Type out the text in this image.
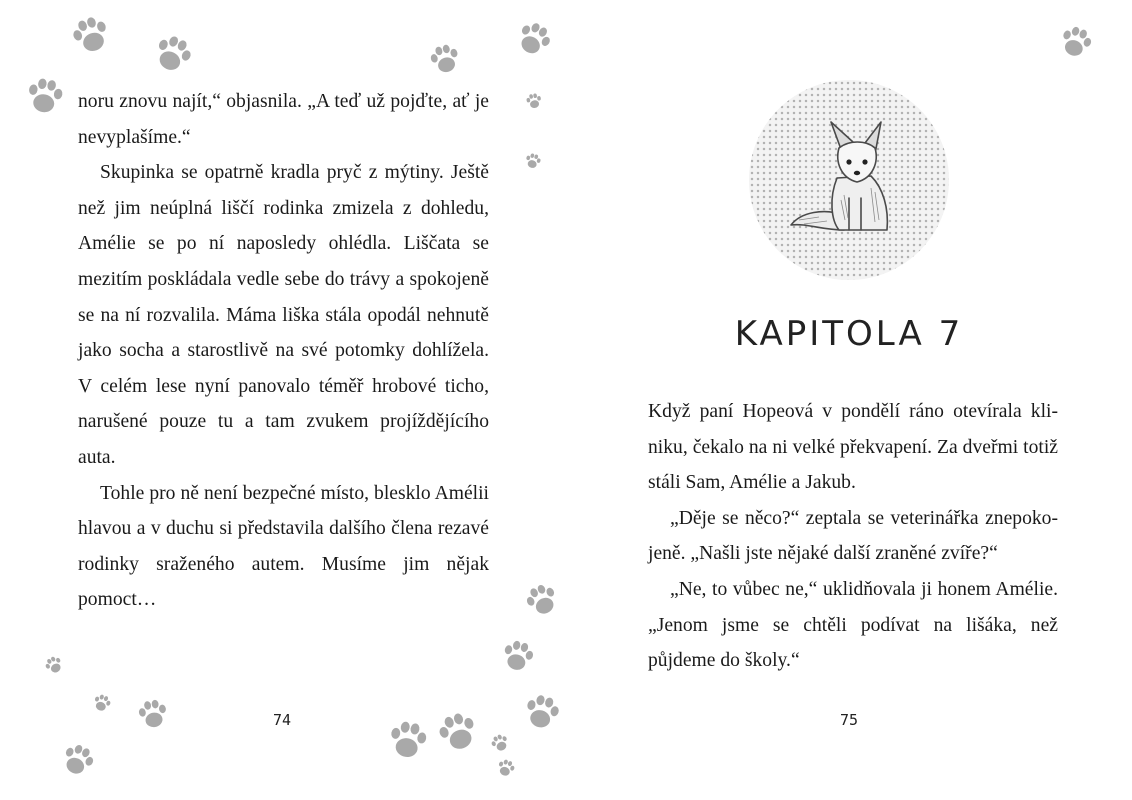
noru znovu najít,“ objasnila. „A teď už pojďte, ať je nevyplašíme.“

Skupinka se opatrně kradla pryč z mýtiny. Ještě než jim neúplná liščí rodinka zmizela z dohledu, Amélie se po ní naposledy ohlédla. Liščata se mezitím poskládala vedle sebe do trávy a spokojeně se na ní rozvalila. Máma liška stála opodál nehnutě jako socha a starostlivě na své potomky dohlížela. V celém lese nyní panovalo téměř hrobové ticho, narušené pouze tu a tam zvukem projíždějícího auta.

Tohle pro ně není bezpečné místo, blesklo Amélii hlavou a v duchu si představila dalšího člena rezavé rodinky sraženého autem. Musíme jim nějak pomoct…

74
KAPITOLA 7

Když paní Hopeová v pondělí ráno otevírala kliniku, čekalo na ni velké překvapení. Za dveřmi totiž stáli Sam, Amélie a Jakub.

„Děje se něco?“ zeptala se veterinářka znepokojeně. „Našli jste nějaké další zraněné zvíře?“

„Ne, to vůbec ne,“ uklidňovala ji honem Amélie. „Jenom jsme se chtěli podívat na lišáka, než půjdeme do školy.“

75
